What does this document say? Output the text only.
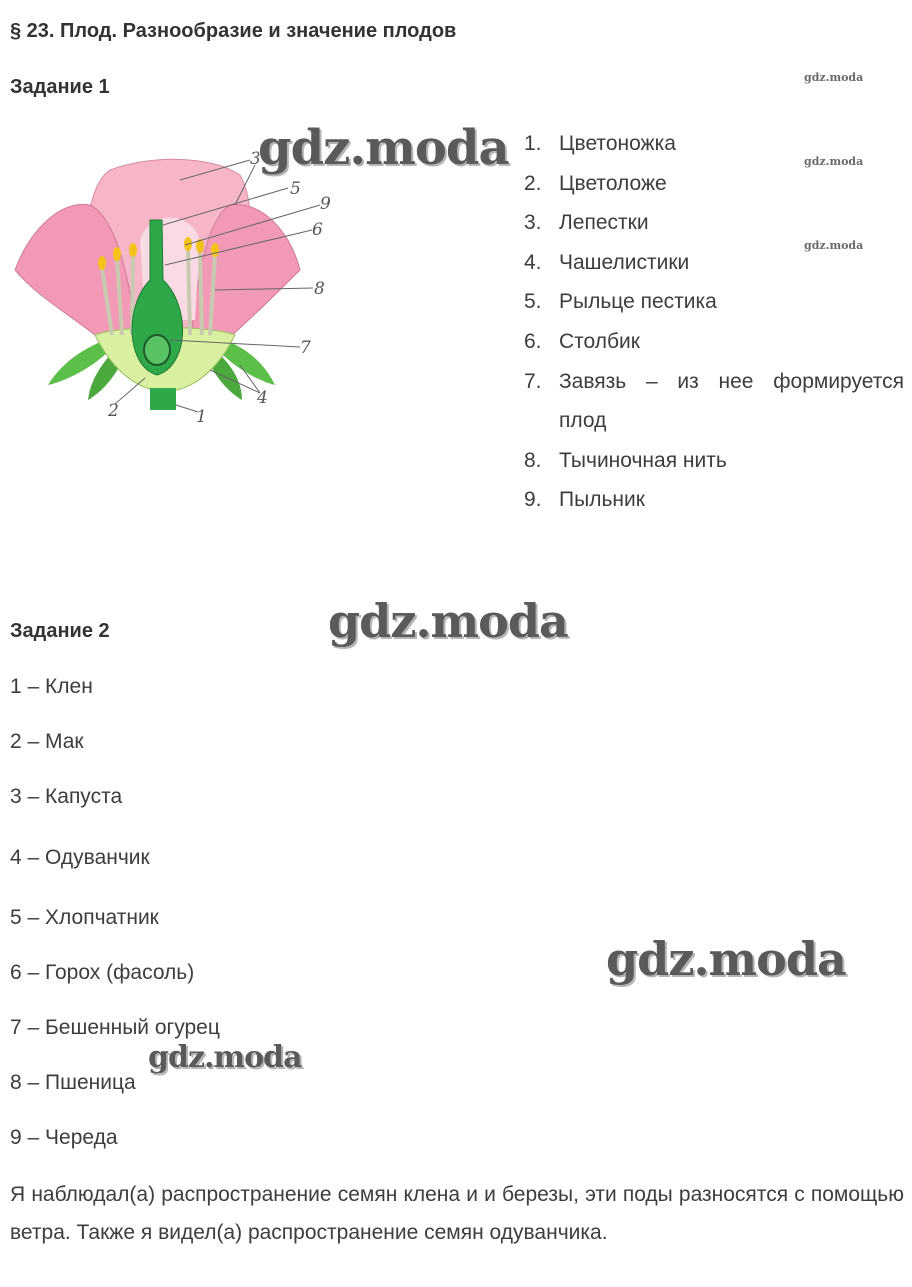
§ 23. Плод. Разнообразие и значение плодов
Задание 1
3
5
9
6
8
7
4
2	1
1. Цветоножка
2. Цветоложе
3. Лепестки
4. Чашелистики
5. Рыльце пестика
6. Столбик
7. Завязь – из нее формируется
плод
8. Тычиночная нить
9. Пыльник
Задание 2
1 – Клен
2 – Мак
3 – Капуста
4 – Одуванчик
5 – Хлопчатник
6 – Горох (фасоль)
7 – Бешенный огурец
8 – Пшеница
9 – Череда
Я наблюдал(а) распространение семян клена и и березы, эти поды разносятся с помощью ветра. Также я видел(а) распространение семян одуванчика.
gdz.moda
gdz.moda
gdz.moda
gdz.moda
gdz.moda
gdz.moda
gdz.moda
